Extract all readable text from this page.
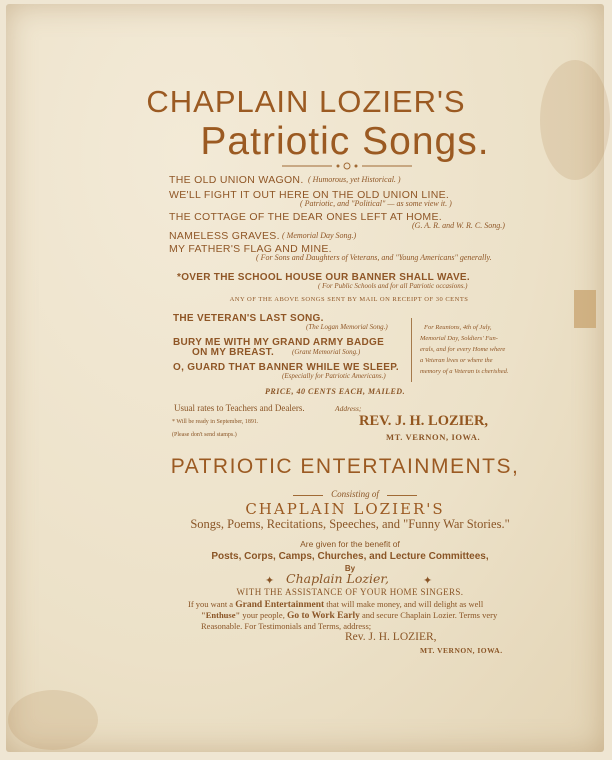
CHAPLAIN LOZIER'S
Patriotic Songs.
THE OLD UNION WAGON. ( Humorous, yet Historical. )
WE'LL FIGHT IT OUT HERE ON THE OLD UNION LINE.
( Patriotic, and "Political" — as some view it. )
THE COTTAGE OF THE DEAR ONES LEFT AT HOME.
(G. A. R. and W. R. C. Song.)
NAMELESS GRAVES. ( Memorial Day Song.)
MY FATHER'S FLAG AND MINE.
( For Sons and Daughters of Veterans, and "Young Americans" generally.
*OVER THE SCHOOL HOUSE OUR BANNER SHALL WAVE.
( For Public Schools and for all Patriotic occasions.)
ANY OF THE ABOVE SONGS SENT BY MAIL ON RECEIPT OF 30 CENTS
THE VETERAN'S LAST SONG.
(The Logan Memorial Song.)
BURY ME WITH MY GRAND ARMY BADGE
ON MY BREAST.	(Grant Memorial Song.)
O, GUARD THAT BANNER WHILE WE SLEEP.
(Especially for Patriotic Americans.)
For Reunions, 4th of July,
Memorial Day, Soldiers' Fun-
erals, and for every Home where
a Veteran lives or where the
memory of a Veteran is cherished.
PRICE, 40 CENTS EACH, MAILED.
Usual rates to Teachers and Dealers.	Address;
* Will be ready in September, 1891.
(Please don't send stamps.)
REV. J. H. LOZIER,
MT. VERNON, IOWA.
PATRIOTIC ENTERTAINMENTS,
Consisting of
CHAPLAIN LOZIER'S
Songs, Poems, Recitations, Speeches, and "Funny War Stories."
Are given for the benefit of
Posts, Corps, Camps, Churches, and Lecture Committees,
By
✦ Chaplain Lozier,	✦
WITH THE ASSISTANCE OF YOUR HOME SINGERS.
If you want a Grand Entertainment that will make money, and will delight as well
"Enthuse" your people, Go to Work Early and secure Chaplain Lozier. Terms very
Reasonable. For Testimonials and Terms, address;
Rev. J. H. LOZIER,
MT. VERNON, IOWA.
